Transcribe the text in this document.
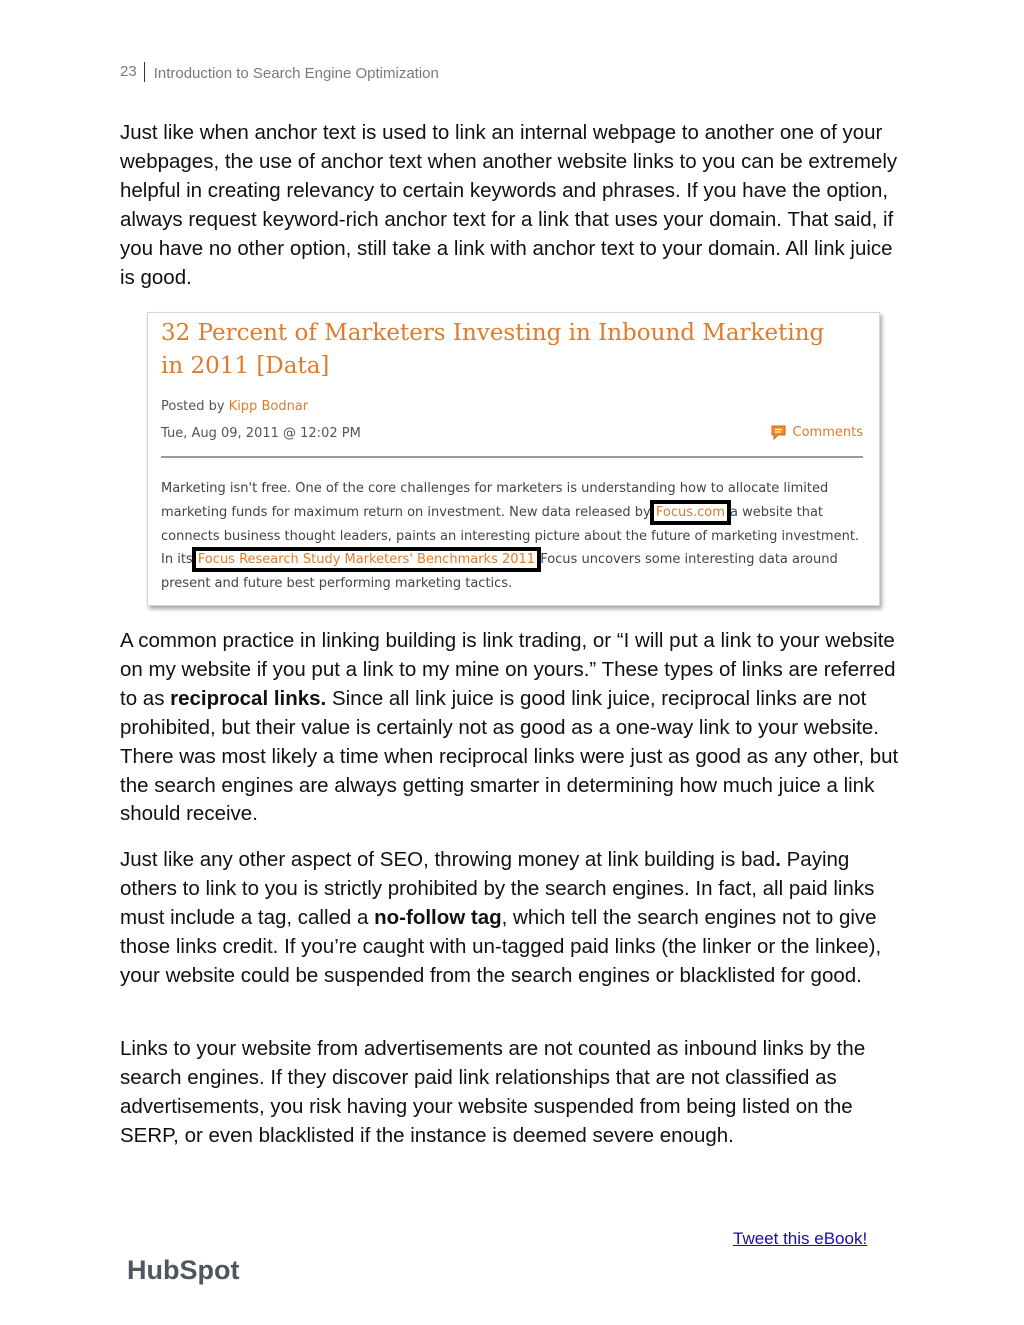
23	Introduction to Search Engine Optimization

Just like when anchor text is used to link an internal webpage to another one of your webpages, the use of anchor text when another website links to you can be extremely helpful in creating relevancy to certain keywords and phrases. If you have the option, always request keyword-rich anchor text for a link that uses your domain. That said, if you have no other option, still take a link with anchor text to your domain. All link juice is good.

32 Percent of Marketers Investing in Inbound Marketing in 2011 [Data]
Posted by Kipp Bodnar
Tue, Aug 09, 2011 @ 12:02 PM	Comments
Marketing isn't free. One of the core challenges for marketers is understanding how to allocate limited
marketing funds for maximum return on investment. New data released by Focus.com a website that
connects business thought leaders, paints an interesting picture about the future of marketing investment.
In its Focus Research Study Marketers' Benchmarks 2011 Focus uncovers some interesting data around
present and future best performing marketing tactics.

A common practice in linking building is link trading, or “I will put a link to your website on my website if you put a link to my mine on yours.” These types of links are referred to as reciprocal links. Since all link juice is good link juice, reciprocal links are not prohibited, but their value is certainly not as good as a one-way link to your website. There was most likely a time when reciprocal links were just as good as any other, but the search engines are always getting smarter in determining how much juice a link should receive.

Just like any other aspect of SEO, throwing money at link building is bad. Paying others to link to you is strictly prohibited by the search engines. In fact, all paid links must include a tag, called a no-follow tag, which tell the search engines not to give those links credit. If you’re caught with un-tagged paid links (the linker or the linkee), your website could be suspended from the search engines or blacklisted for good.

Links to your website from advertisements are not counted as inbound links by the search engines. If they discover paid link relationships that are not classified as advertisements, you risk having your website suspended from being listed on the SERP, or even blacklisted if the instance is deemed severe enough.

Tweet this eBook!
HubSpot
